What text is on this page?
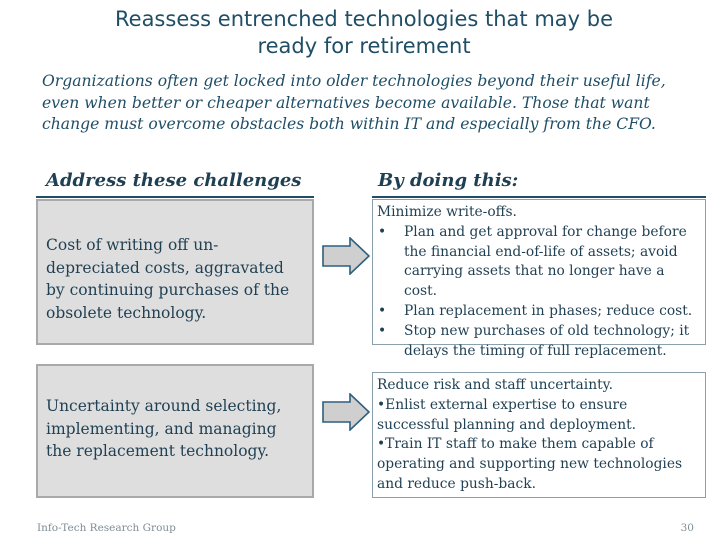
Reassess entrenched technologies that may be
ready for retirement
Organizations often get locked into older technologies beyond their useful life, even when better or cheaper alternatives become available. Those that want change must overcome obstacles both within IT and especially from the CFO.
Address these challenges	By doing this:
Cost of writing off un-depreciated costs, aggravated by continuing purchases of the obsolete technology.

Minimize write-offs.

• Plan and get approval for change before the financial end-of-life of assets; avoid carrying assets that no longer have a cost.
• Plan replacement in phases; reduce cost.
• Stop new purchases of old technology; it delays the timing of full replacement.
Uncertainty around selecting, implementing, and managing the replacement technology.

Reduce risk and staff uncertainty.

•Enlist external expertise to ensure successful planning and deployment.

•Train IT staff to make them capable of operating and supporting new technologies and reduce push-back.

Info-Tech Research Group	30
